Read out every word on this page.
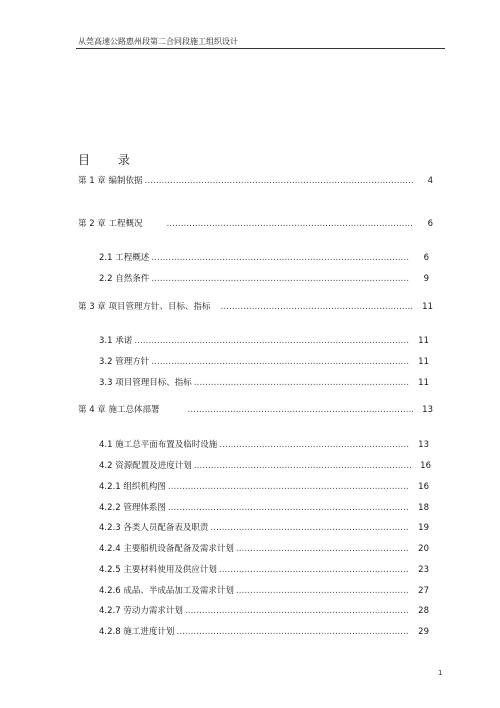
从莞高速公路惠州段第二合同段施工组织设计
目 录
第 1 章 编制依据 …………………………………………………………………………………………………………………………………………………………………………	4
第 2 章 工程概况 …………………………………………………………………………………………………………………………………………………………………………	6
2.1 工程概述 …………………………………………………………………………………………………………………………………………………………………………	6
2.2 自然条件 …………………………………………………………………………………………………………………………………………………………………………	9
第 3 章 项目管理方针、目标、指标 …………………………………………………………………………………………………………………………………………………………………………	11
3.1 承诺 …………………………………………………………………………………………………………………………………………………………………………	11
3.2 管理方针 …………………………………………………………………………………………………………………………………………………………………………	11
3.3 项目管理目标、指标 …………………………………………………………………………………………………………………………………………………………………………	11
第 4 章 施工总体部署 …………………………………………………………………………………………………………………………………………………………………………	13
4.1 施工总平面布置及临时设施 …………………………………………………………………………………………………………………………………………………………………………	13
4.2 资源配置及进度计划 …………………………………………………………………………………………………………………………………………………………………………	16
4.2.1 组织机构图 …………………………………………………………………………………………………………………………………………………………………………	16
4.2.2 管理体系图 …………………………………………………………………………………………………………………………………………………………………………	18
4.2.3 各类人员配备表及职责 …………………………………………………………………………………………………………………………………………………………………………	19
4.2.4 主要船机设备配备及需求计划 …………………………………………………………………………………………………………………………………………………………………………	20
4.2.5 主要材料使用及供应计划 …………………………………………………………………………………………………………………………………………………………………………	23
4.2.6 成品、半成品加工及需求计划 …………………………………………………………………………………………………………………………………………………………………………	27
4.2.7 劳动力需求计划 …………………………………………………………………………………………………………………………………………………………………………	28
4.2.8 施工进度计划 …………………………………………………………………………………………………………………………………………………………………………	29
1
